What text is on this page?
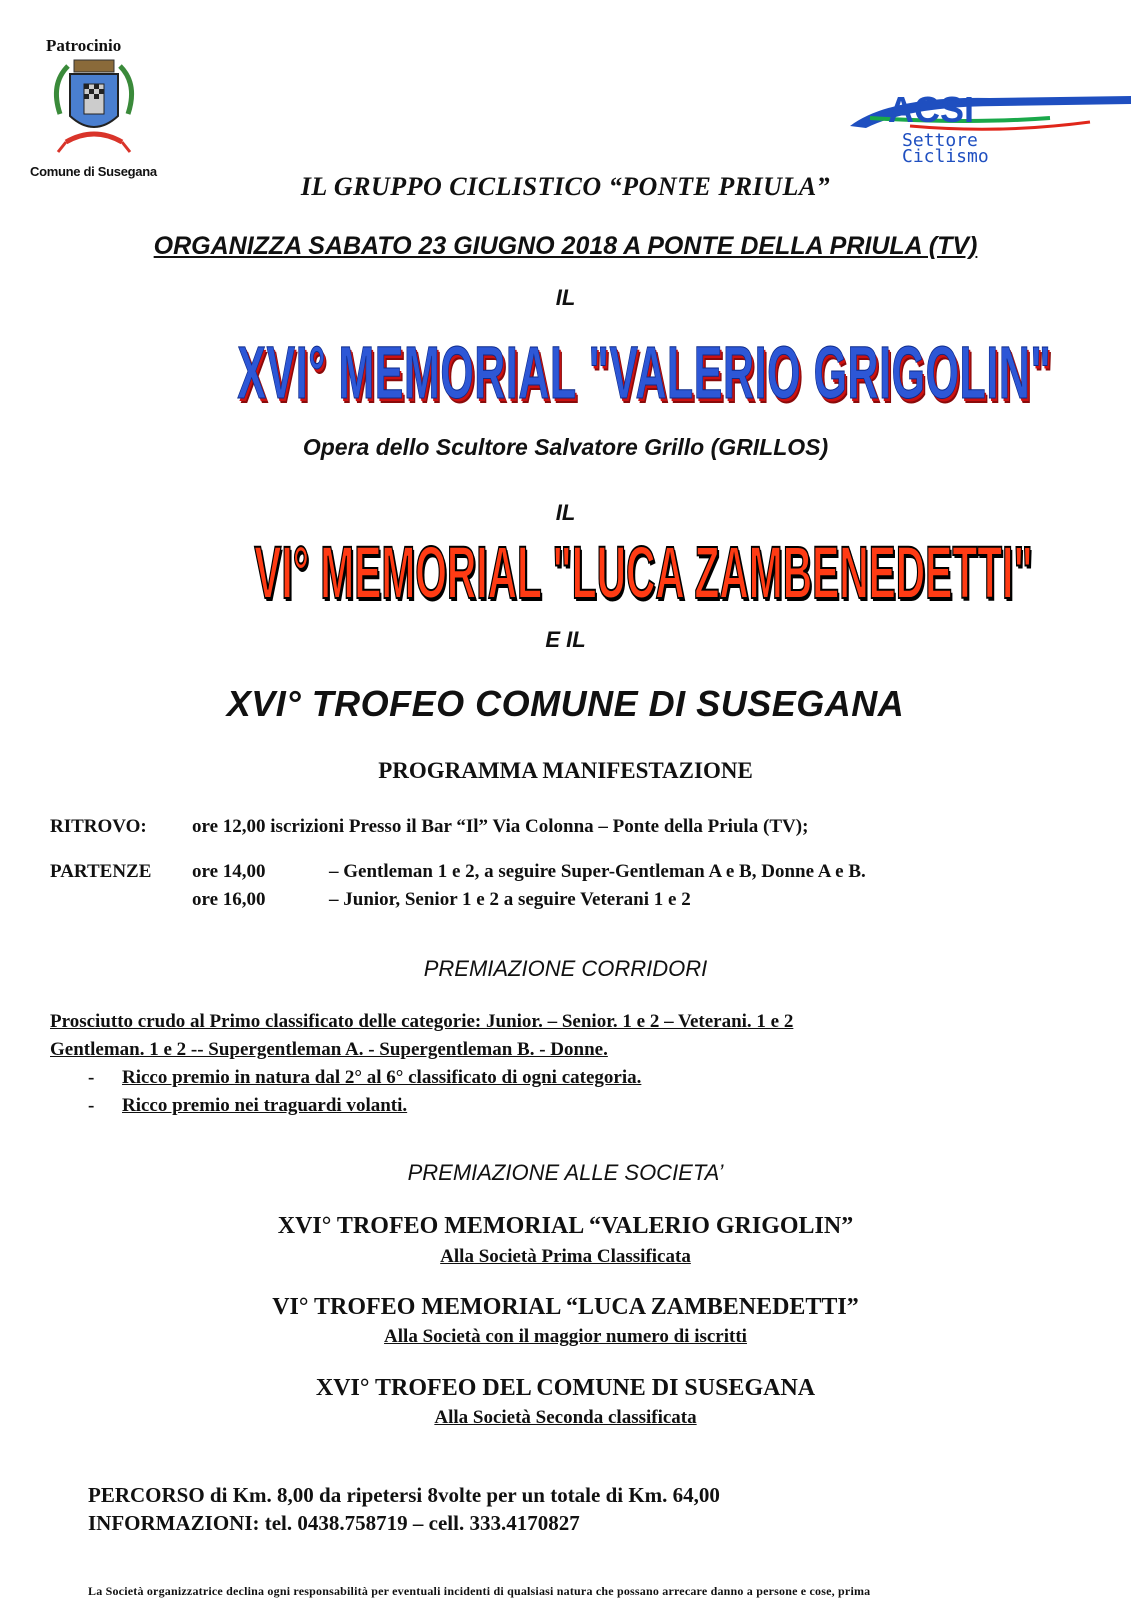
Patrocinio
Comune di Susegana
ACSI
Settore
Ciclismo
IL GRUPPO CICLISTICO “PONTE PRIULA”
ORGANIZZA SABATO 23 GIUGNO 2018 A PONTE DELLA PRIULA (TV)
IL
XVI° MEMORIAL "VALERIO GRIGOLIN"
Opera dello Scultore Salvatore Grillo (GRILLOS)
IL
VI° MEMORIAL "LUCA ZAMBENEDETTI"
E IL
XVI° TROFEO COMUNE DI SUSEGANA
PROGRAMMA MANIFESTAZIONE
RITROVO: ore 12,00 iscrizioni Presso il Bar “Il” Via Colonna – Ponte della Priula (TV);
PARTENZE ore 14,00	– Gentleman 1 e 2, a seguire Super-Gentleman A e B, Donne A e B.
ore 16,00	– Junior, Senior 1 e 2 a seguire Veterani 1 e 2
PREMIAZIONE CORRIDORI
Prosciutto crudo al Primo classificato delle categorie: Junior. – Senior. 1 e 2 – Veterani. 1 e 2
Gentleman. 1 e 2 -- Supergentleman A. - Supergentleman B. - Donne.
- Ricco premio in natura dal 2° al 6° classificato di ogni categoria.
- Ricco premio nei traguardi volanti.
PREMIAZIONE ALLE SOCIETA’
XVI° TROFEO MEMORIAL “VALERIO GRIGOLIN”
Alla Società Prima Classificata
VI° TROFEO MEMORIAL “LUCA ZAMBENEDETTI”
Alla Società con il maggior numero di iscritti
XVI° TROFEO DEL COMUNE DI SUSEGANA
Alla Società Seconda classificata
PERCORSO di Km. 8,00 da ripetersi 8volte per un totale di Km. 64,00
INFORMAZIONI: tel. 0438.758719 – cell. 333.4170827
La Società organizzatrice declina ogni responsabilità per eventuali incidenti di qualsiasi natura che possano arrecare danno a persone e cose, prima
